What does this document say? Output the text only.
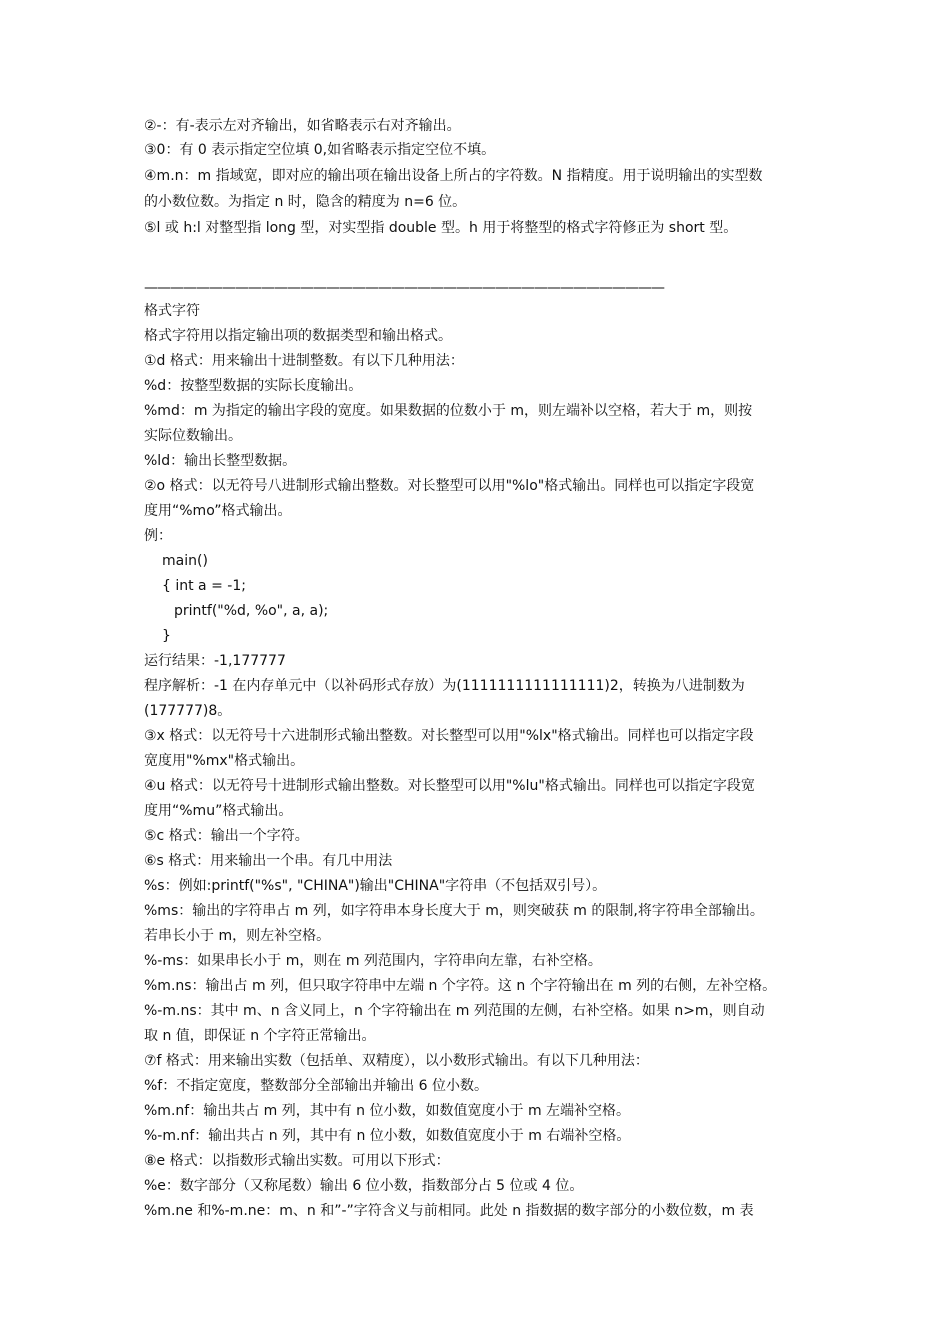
②-：有-表示左对齐输出，如省略表示右对齐输出。

③0：有 0 表示指定空位填 0,如省略表示指定空位不填。

④m.n：m 指域宽，即对应的输出项在输出设备上所占的字符数。N 指精度。用于说明输出的实型数

的小数位数。为指定 n 时，隐含的精度为 n=6 位。

⑤l 或 h:l 对整型指 long 型，对实型指 double 型。h 用于将整型的格式字符修正为 short 型。

————————————————————————————————————————

格式字符

格式字符用以指定输出项的数据类型和输出格式。

①d 格式：用来输出十进制整数。有以下几种用法：

%d：按整型数据的实际长度输出。

%md：m 为指定的输出字段的宽度。如果数据的位数小于 m，则左端补以空格，若大于 m，则按

实际位数输出。

%ld：输出长整型数据。

②o 格式：以无符号八进制形式输出整数。对长整型可以用"%lo"格式输出。同样也可以指定字段宽

度用“%mo”格式输出。

例：

main()

{ int a = -1;

printf("%d, %o", a, a);

}

运行结果：-1,177777

程序解析：-1 在内存单元中（以补码形式存放）为(1111111111111111)2，转换为八进制数为

(177777)8。

③x 格式：以无符号十六进制形式输出整数。对长整型可以用"%lx"格式输出。同样也可以指定字段

宽度用"%mx"格式输出。

④u 格式：以无符号十进制形式输出整数。对长整型可以用"%lu"格式输出。同样也可以指定字段宽

度用“%mu”格式输出。

⑤c 格式：输出一个字符。

⑥s 格式：用来输出一个串。有几中用法

%s：例如:printf("%s", "CHINA")输出"CHINA"字符串（不包括双引号）。

%ms：输出的字符串占 m 列，如字符串本身长度大于 m，则突破获 m 的限制,将字符串全部输出。

若串长小于 m，则左补空格。

%-ms：如果串长小于 m，则在 m 列范围内，字符串向左靠，右补空格。

%m.ns：输出占 m 列，但只取字符串中左端 n 个字符。这 n 个字符输出在 m 列的右侧，左补空格。

%-m.ns：其中 m、n 含义同上，n 个字符输出在 m 列范围的左侧，右补空格。如果 n>m，则自动

取 n 值，即保证 n 个字符正常输出。

⑦f 格式：用来输出实数（包括单、双精度），以小数形式输出。有以下几种用法：

%f：不指定宽度，整数部分全部输出并输出 6 位小数。

%m.nf：输出共占 m 列，其中有 n 位小数，如数值宽度小于 m 左端补空格。

%-m.nf：输出共占 n 列，其中有 n 位小数，如数值宽度小于 m 右端补空格。

⑧e 格式：以指数形式输出实数。可用以下形式：

%e：数字部分（又称尾数）输出 6 位小数，指数部分占 5 位或 4 位。

%m.ne 和%-m.ne：m、n 和”-”字符含义与前相同。此处 n 指数据的数字部分的小数位数，m 表
